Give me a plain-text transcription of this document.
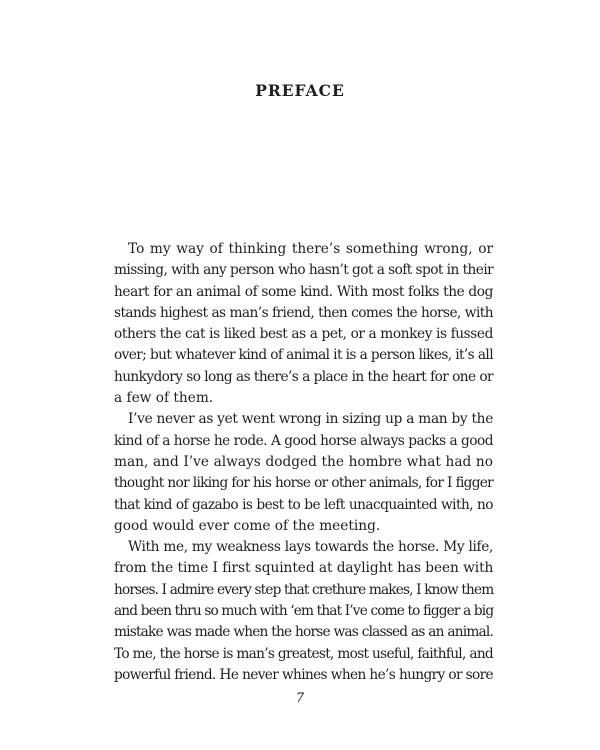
PREFACE
To my way of thinking there’s something wrong, or
missing, with any person who hasn’t got a soft spot in their
heart for an animal of some kind. With most folks the dog
stands highest as man’s friend, then comes the horse, with
others the cat is liked best as a pet, or a monkey is fussed
over; but whatever kind of animal it is a person likes, it’s all
hunkydory so long as there’s a place in the heart for one or
a few of them.
I’ve never as yet went wrong in sizing up a man by the
kind of a horse he rode. A good horse always packs a good
man, and I’ve always dodged the hombre what had no
thought nor liking for his horse or other animals, for I figger
that kind of gazabo is best to be left unacquainted with, no
good would ever come of the meeting.
With me, my weakness lays towards the horse. My life,
from the time I first squinted at daylight has been with
horses. I admire every step that crethure makes, I know them
and been thru so much with ‘em that I’ve come to figger a big
mistake was made when the horse was classed as an animal.
To me, the horse is man’s greatest, most useful, faithful, and
powerful friend. He never whines when he’s hungry or sore
7
